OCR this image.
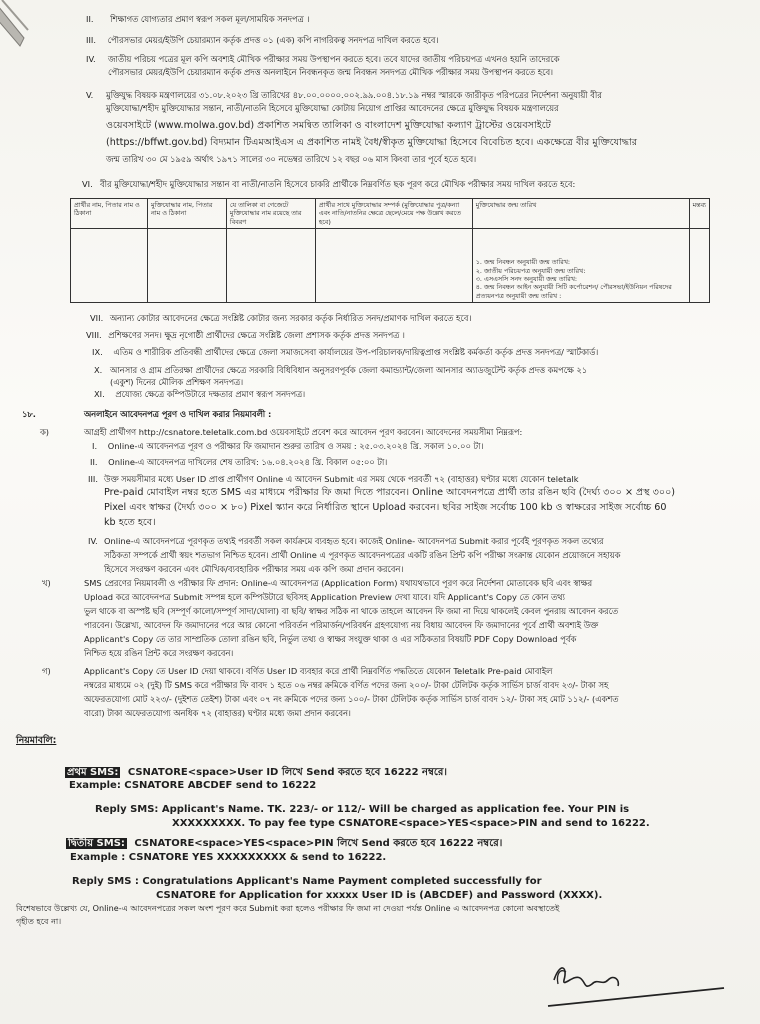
II. শিক্ষাগত যোগ্যতার প্রমাণ স্বরূপ সকল মূল/সাময়িক সনদপত্র ।
III. পৌরসভার মেয়র/ইউপি চেয়ারম্যান কর্তৃক প্রদত্ত ০১ (এক) কপি নাগরিকত্ব সনদপত্র দাখিল করতে হবে।
IV. জাতীয় পরিচয় পত্রের মূল কপি অবশ্যই মৌখিক পরীক্ষার সময় উপস্থাপন করতে হবে। তবে যাদের জাতীয় পরিচয়পত্র এখনও হয়নি তাদেরকে
পৌরসভার মেয়র/ইউপি চেয়ারম্যান কর্তৃক প্রদত্ত অনলাইনে নিবন্ধনকৃত জন্ম নিবন্ধন সনদপত্র মৌখিক পরীক্ষার সময় উপস্থাপন করতে হবে।
V. মুক্তিযুদ্ধ বিষয়ক মন্ত্রণালয়ের ৩১.০৮.২০২৩ খ্রি তারিখের ৪৮.০০.০০০০.০০২.৯৯.০০৪.১৮.১৯ নম্বর স্মারকে জারীকৃত পরিপত্রের নির্দেশনা অনুযায়ী বীর
মুক্তিযোদ্ধা/শহীদ মুক্তিযোদ্ধার সন্তান, নাতী/নাতনি হিসেবে মুক্তিযোদ্ধা কোটায় নিয়োগ প্রাপ্তির আবেদনের ক্ষেত্রে মুক্তিযুদ্ধ বিষয়ক মন্ত্রণালয়ের
ওয়েবসাইটে (www.molwa.gov.bd) প্রকাশিত সমন্বিত তালিকা ও বাংলাদেশ মুক্তিযোদ্ধা কল্যাণ ট্রাস্টের ওয়েবসাইটে
(https://bffwt.gov.bd) বিদ্যমান টিএমআইএস এ প্রকাশিত নামই বৈধ/স্বীকৃত মুক্তিযোদ্ধা হিসেবে বিবেচিত হবে। একক্ষেত্রে বীর মুক্তিযোদ্ধার
জন্ম তারিখ ৩০ মে ১৯৫৯ অর্থাৎ ১৯৭১ সালের ৩০ নভেম্বর তারিখে ১২ বছর ০৬ মাস কিংবা তার পূর্বে হতে হবে।
VI. বীর মুক্তিযোদ্ধা/শহীদ মুক্তিযোদ্ধার সন্তান বা নাতী/নাতনি হিসেবে চাকরি প্রার্থীকে নিম্নবর্ণিত ছক পূরণ করে মৌখিক পরীক্ষার সময় দাখিল করতে হবে:
প্রার্থীর নাম, পিতার নাম ও ঠিকানা	মুক্তিযোদ্ধার নাম, পিতার নাম ও ঠিকানা	যে তালিকা বা গেজেটে মুক্তিযোদ্ধার নাম রয়েছে তার বিবরণ	প্রার্থীর সাথে মুক্তিযোদ্ধার সম্পর্ক (মুক্তিযোদ্ধার পুত্র/কন্যা এবং নাতি/নাতনির ক্ষেত্রে ছেলে/মেয়ে পক্ষ উল্লেখ করতে হবে)	মুক্তিযোদ্ধার জন্ম তারিখ	মন্তব্য

				১. জন্ম নিবন্ধন অনুযায়ী জন্ম তারিখ:
২. জাতীয় পরিচয়পত্র অনুযায়ী জন্ম তারিখ:
৩. এসএসসি সনদ অনুযায়ী জন্ম তারিখ:
৪. জন্ম নিবন্ধন আইন অনুযায়ী সিটি কর্পোরেশন/ পৌরসভা/ইউনিয়ন পরিষদের প্রত্যয়নপত্র অনুযায়ী জন্ম তারিখ :	

VII. অন্যান্য কোটার আবেদনের ক্ষেত্রে সংশ্লিষ্ট কোটার জন্য সরকার কর্তৃক নির্ধারিত সনদ/প্রমাণক দাখিল করতে হবে।
VIII. প্রশিক্ষণের সনদ। ক্ষুদ্র নৃগোষ্ঠী প্রার্থীদের ক্ষেত্রে সংশ্লিষ্ট জেলা প্রশাসক কর্তৃক প্রদত্ত সনদপত্র ।
IX. এতিম ও শারীরিক প্রতিবন্ধী প্রার্থীদের ক্ষেত্রে জেলা সমাজসেবা কার্যালয়ের উপ-পরিচালক/দায়িত্বপ্রাপ্ত সংশ্লিষ্ট কর্মকর্তা কর্তৃক প্রদত্ত সনদপত্র/ স্মার্টকার্ড।
X. আনসার ও গ্রাম প্রতিরক্ষা প্রার্থীদের ক্ষেত্রে সরকারি বিধিবিধান অনুসরণপূর্বক জেলা কমান্ড্যান্ট/জেলা আনসার অ্যাডজুটেন্ট কর্তৃক প্রদত্ত কমপক্ষে ২১
(একুশ) দিনের মৌলিক প্রশিক্ষণ সনদপত্র।
XI. প্রযোজ্য ক্ষেত্রে কম্পিউটারে দক্ষতার প্রমাণ স্বরূপ সনদপত্র।
১৮.	অনলাইনে আবেদনপত্র পূরণ ও দাখিল করার নিয়মাবলী :
ক)	আগ্রহী প্রার্থীগণ http://csnatore.teletalk.com.bd ওয়েবসাইটে প্রবেশ করে আবেদন পূরণ করবেন। আবেদনের সময়সীমা নিম্নরূপ:
I. Online-এ আবেদনপত্র পূরণ ও পরীক্ষার ফি জমাদান শুরুর তারিখ ও সময় : ২৫.০৩.২০২৪ খ্রি. সকাল ১০.০০ টা।
II. Online-এ আবেদনপত্র দাখিলের শেষ তারিখ: ১৬.০৪.২০২৪ খ্রি. বিকাল ০৫:০০ টা।
III. উক্ত সময়সীমার মধ্যে User ID প্রাপ্ত প্রার্থীগণ Online এ আবেদন Submit এর সময় থেকে পরবর্তী ৭২ (বাহাত্তর) ঘণ্টার মধ্যে যেকোন teletalk
Pre-paid মোবাইল নম্বর হতে SMS এর মাধ্যমে পরীক্ষার ফি জমা দিতে পারবেন। Online আবেদনপত্রে প্রার্থী তার রঙিন ছবি (দৈর্ঘ্য ৩০০ × প্রস্থ ৩০০)
Pixel এবং স্বাক্ষর (দৈর্ঘ্য ৩০০ × ৮০) Pixel স্ক্যান করে নির্ধারিত স্থানে Upload করবেন। ছবির সাইজ সর্বোচ্চ 100 kb ও স্বাক্ষরের সাইজ সর্বোচ্চ 60
kb হতে হবে।
IV. Online-এ আবেদনপত্রে পূরণকৃত তথ্যই পরবর্তী সকল কার্যক্রমে ব্যবহৃত হবে। কাজেই Online- আবেদনপত্র Submit করার পূর্বেই পূরণকৃত সকল তথ্যের
সঠিকতা সম্পর্কে প্রার্থী স্বয়ং শতভাগ নিশ্চিত হবেন। প্রার্থী Online এ পূরণকৃত আবেদনপত্রের একটি রঙিন প্রিন্ট কপি পরীক্ষা সংক্রান্ত যেকোন প্রয়োজনে সহায়ক
হিসেবে সংরক্ষণ করবেন এবং মৌখিক/ব্যবহারিক পরীক্ষার সময় এক কপি জমা প্রদান করবেন।
খ)	SMS প্রেরণের নিয়মাবলী ও পরীক্ষার ফি প্রদান: Online-এ আবেদনপত্র (Application Form) যথাযথভাবে পূরণ করে নির্দেশনা মোতাবেক ছবি এবং স্বাক্ষর
Upload করে আবেদনপত্র Submit সম্পন্ন হলে কম্পিউটারে ছবিসহ Application Preview দেখা যাবে। যদি Applicant's Copy তে কোন তথ্য
ভুল থাকে বা অস্পষ্ট ছবি (সম্পূর্ণ কালো/সম্পূর্ণ সাদা/ঘোলা) বা ছবি/ স্বাক্ষর সঠিক না থাকে তাহলে আবেদন ফি জমা না দিয়ে থাকলেই কেবল পুনরায় আবেদন করতে
পারবেন। উল্লেখ্য, আবেদন ফি জমাদানের পরে আর কোনো পরিবর্তন পরিমার্জন/পরিবর্ধন গ্রহণযোগ্য নয় বিধায় আবেদন ফি জমাদানের পূর্বে প্রার্থী অবশ্যই উক্ত
Applicant's Copy তে তার সাম্প্রতিক তোলা রঙিন ছবি, নির্ভুল তথ্য ও স্বাক্ষর সংযুক্ত থাকা ও এর সঠিকতার বিষয়টি PDF Copy Download পূর্বক
নিশ্চিত হয়ে রঙিন প্রিন্ট করে সংরক্ষণ করবেন।
গ)	Applicant's Copy তে User ID দেয়া থাকবে। বর্ণিত User ID ব্যবহার করে প্রার্থী নিম্নবর্ণিত পদ্ধতিতে যেকোন Teletalk Pre-paid মোবাইল
নম্বরের মাধ্যমে ০২ (দুই) টি SMS করে পরীক্ষার ফি বাবদ ১ হতে ০৬ নম্বর ক্রমিকে বর্ণিত পদের জন্য ২০০/- টাকা টেলিটক কর্তৃক সার্ভিস চার্জ বাবদ ২৩/- টাকা সহ
অফেরতযোগ্য মোট ২২৩/- (দুইশত তেইশ) টাকা এবং ০৭ নং ক্রমিকে পদের জন্য ১০০/- টাকা টেলিটক কর্তৃক সার্ভিস চার্জ বাবদ ১২/- টাকা সহ মোট ১১২/- (একশত
বারো) টাকা অফেরতযোগ্য অনধিক ৭২ (বাহাত্তর) ঘণ্টার মধ্যে জমা প্রদান করবেন।
নিয়মাবলি:
প্রথম SMS: CSNATORE<space>User ID লিখে Send করতে হবে 16222 নম্বরে।
Example: CSNATORE ABCDEF send to 16222
Reply SMS: Applicant's Name. TK. 223/- or 112/- Will be charged as application fee. Your PIN is
XXXXXXXXX. To pay fee type CSNATORE<space>YES<space>PIN and send to 16222.
দ্বিতীয় SMS: CSNATORE<space>YES<space>PIN লিখে Send করতে হবে 16222 নম্বরে।
Example : CSNATORE YES XXXXXXXXX & send to 16222.
Reply SMS : Congratulations Applicant's Name Payment completed successfully for
CSNATORE for Application for xxxxx User ID is (ABCDEF) and Password (XXXX).
বিশেষভাবে উল্লেখ্য যে, Online-এ আবেদনপত্রের সকল অংশ পূরণ করে Submit করা হলেও পরীক্ষার ফি জমা না দেওয়া পর্যন্ত Online এ আবেদনপত্র কোনো অবস্থাতেই
গৃহীত হবে না।
